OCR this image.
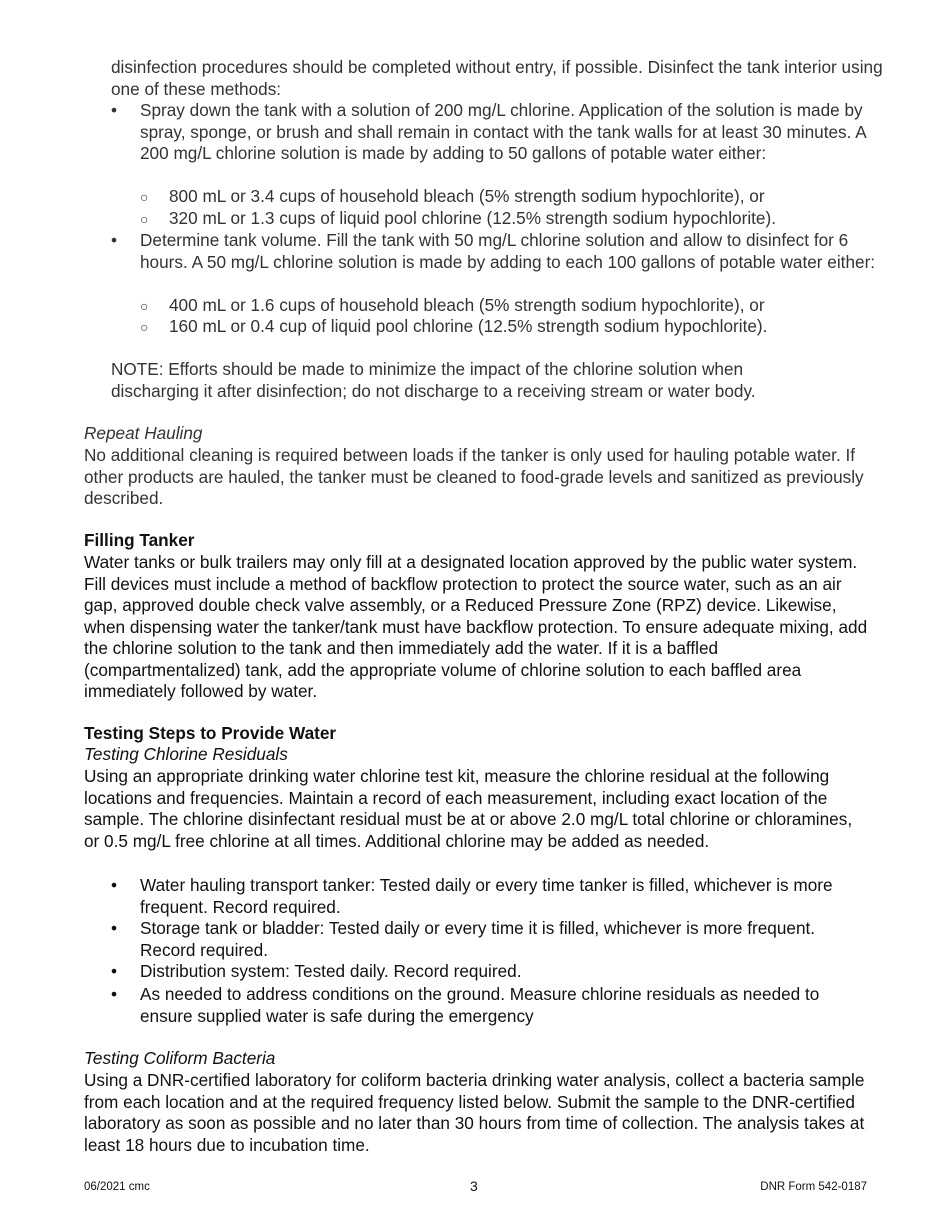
disinfection procedures should be completed without entry, if possible. Disinfect the tank interior using one of these methods:

• Spray down the tank with a solution of 200 mg/L chlorine. Application of the solution is made by spray, sponge, or brush and shall remain in contact with the tank walls for at least 30 minutes. A 200 mg/L chlorine solution is made by adding to 50 gallons of potable water either:

○ 800 mL or 3.4 cups of household bleach (5% strength sodium hypochlorite), or

○ 320 mL or 1.3 cups of liquid pool chlorine (12.5% strength sodium hypochlorite).

• Determine tank volume. Fill the tank with 50 mg/L chlorine solution and allow to disinfect for 6 hours. A 50 mg/L chlorine solution is made by adding to each 100 gallons of potable water either:

○ 400 mL or 1.6 cups of household bleach (5% strength sodium hypochlorite), or

○ 160 mL or 0.4 cup of liquid pool chlorine (12.5% strength sodium hypochlorite).

NOTE: Efforts should be made to minimize the impact of the chlorine solution when discharging it after disinfection; do not discharge to a receiving stream or water body.

Repeat Hauling

No additional cleaning is required between loads if the tanker is only used for hauling potable water. If other products are hauled, the tanker must be cleaned to food-grade levels and sanitized as previously described.

Filling Tanker

Water tanks or bulk trailers may only fill at a designated location approved by the public water system. Fill devices must include a method of backflow protection to protect the source water, such as an air gap, approved double check valve assembly, or a Reduced Pressure Zone (RPZ) device. Likewise, when dispensing water the tanker/tank must have backflow protection. To ensure adequate mixing, add the chlorine solution to the tank and then immediately add the water. If it is a baffled (compartmentalized) tank, add the appropriate volume of chlorine solution to each baffled area immediately followed by water.

Testing Steps to Provide Water

Testing Chlorine Residuals

Using an appropriate drinking water chlorine test kit, measure the chlorine residual at the following locations and frequencies. Maintain a record of each measurement, including exact location of the sample. The chlorine disinfectant residual must be at or above 2.0 mg/L total chlorine or chloramines, or 0.5 mg/L free chlorine at all times. Additional chlorine may be added as needed.

• Water hauling transport tanker: Tested daily or every time tanker is filled, whichever is more frequent. Record required.

• Storage tank or bladder: Tested daily or every time it is filled, whichever is more frequent. Record required.

• Distribution system: Tested daily. Record required.

• As needed to address conditions on the ground. Measure chlorine residuals as needed to ensure supplied water is safe during the emergency

Testing Coliform Bacteria

Using a DNR-certified laboratory for coliform bacteria drinking water analysis, collect a bacteria sample from each location and at the required frequency listed below. Submit the sample to the DNR-certified laboratory as soon as possible and no later than 30 hours from time of collection. The analysis takes at least 18 hours due to incubation time.

06/2021 cmc	3	DNR Form 542-0187
